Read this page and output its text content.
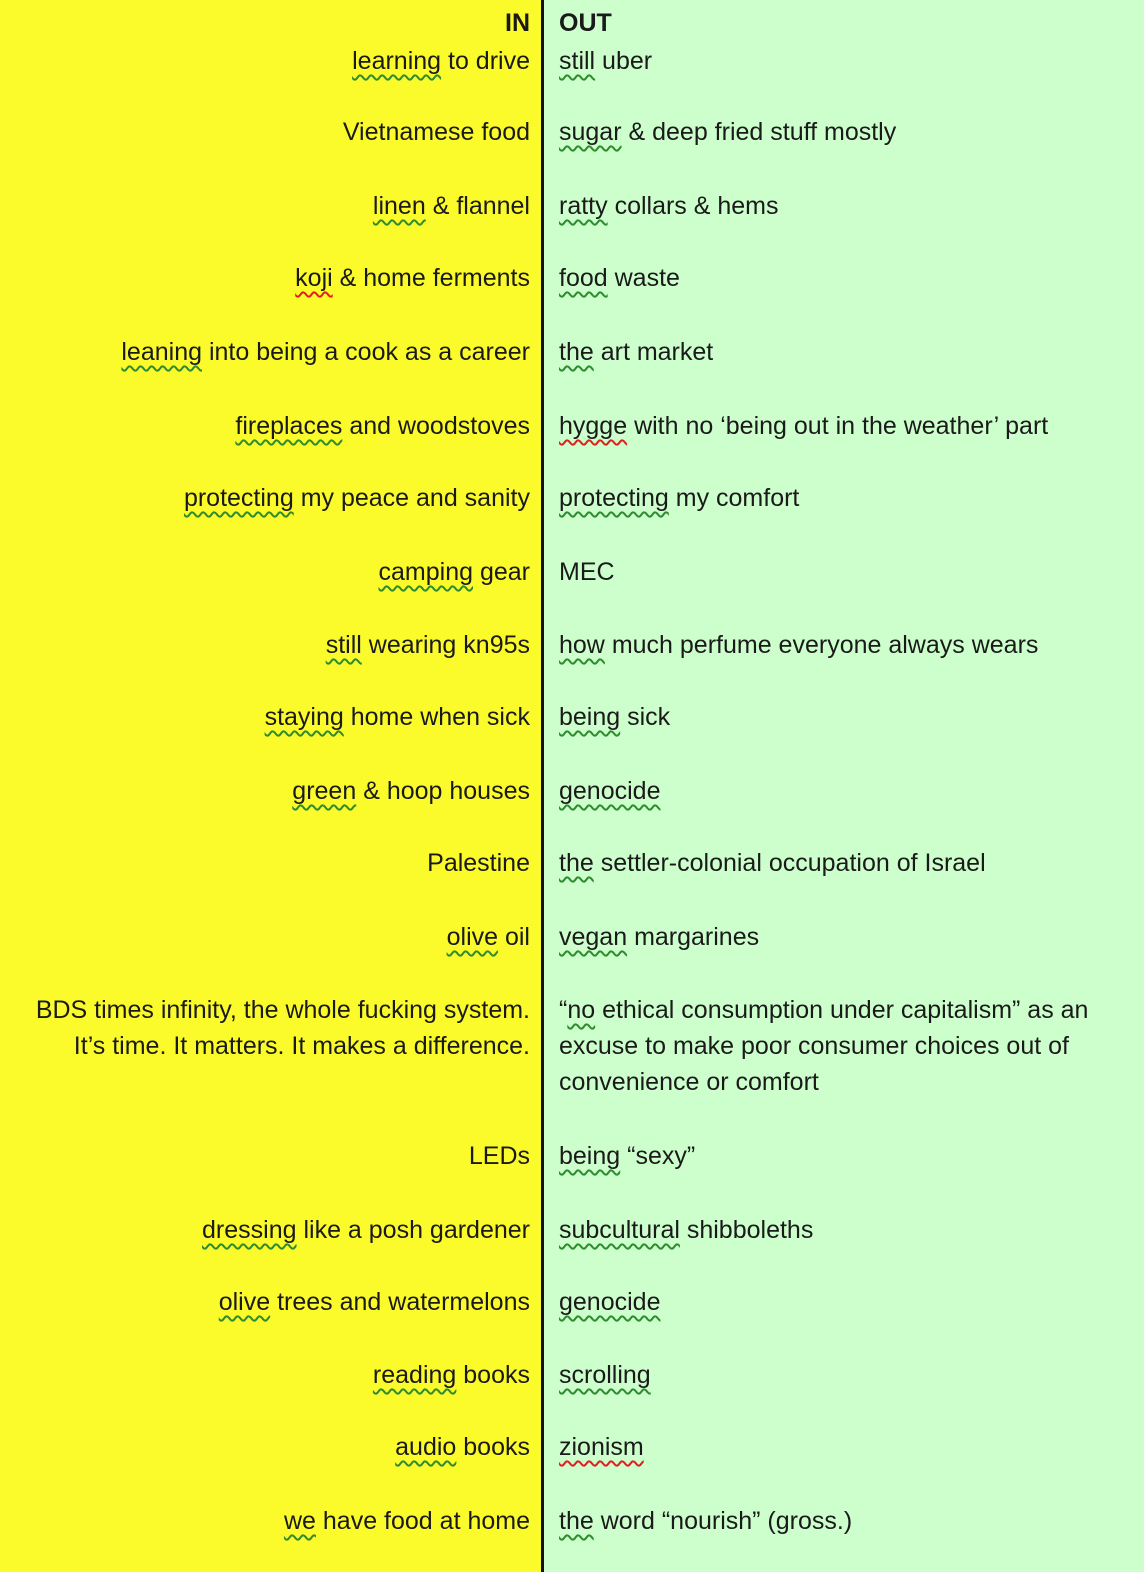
IN OUT
learning to drive still uber
Vietnamese food sugar & deep fried stuff mostly
linen & flannel ratty collars & hems
koji & home ferments food waste
leaning into being a cook as a career the art market
fireplaces and woodstoves hygge with no ‘being out in the weather’ part
protecting my peace and sanity protecting my comfort
camping gear MEC
still wearing kn95s how much perfume everyone always wears
staying home when sick being sick
green & hoop houses genocide
Palestine the settler-colonial occupation of Israel
olive oil vegan margarines
BDS times infinity, the whole fucking system. It’s time. It matters. It makes a difference.
“no ethical consumption under capitalism” as an excuse to make poor consumer choices out of convenience or comfort
LEDs being “sexy”
dressing like a posh gardener subcultural shibboleths
olive trees and watermelons genocide
reading books scrolling
audio books zionism
we have food at home the word “nourish” (gross.)
